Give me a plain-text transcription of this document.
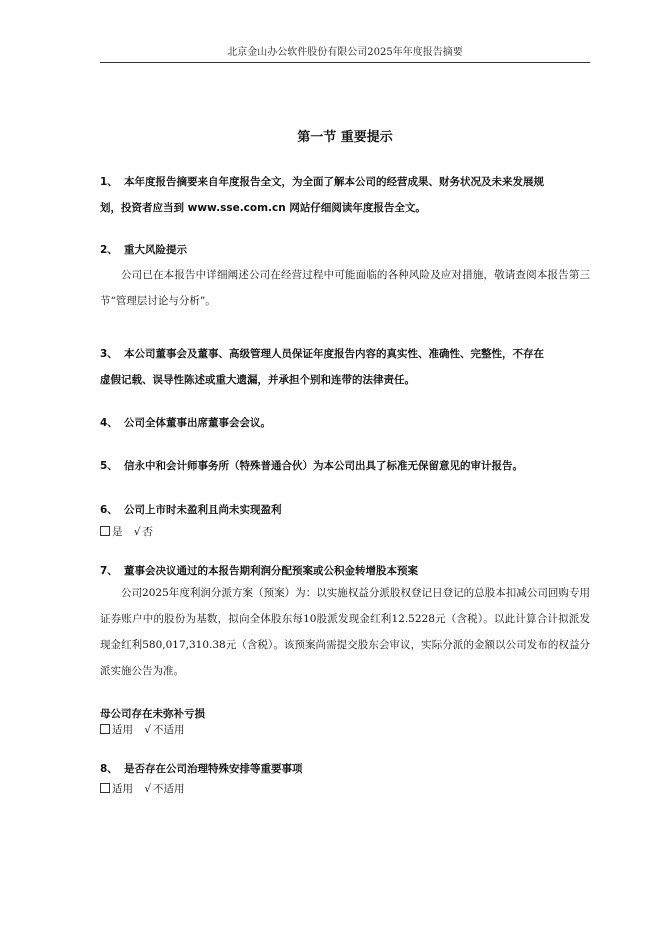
北京金山办公软件股份有限公司2025年年度报告摘要
第一节 重要提示
1、 本年度报告摘要来自年度报告全文，为全面了解本公司的经营成果、财务状况及未来发展规
划，投资者应当到 www.sse.com.cn 网站仔细阅读年度报告全文。
2、 重大风险提示
公司已在本报告中详细阐述公司在经营过程中可能面临的各种风险及应对措施，敬请查阅本报告第三节“管理层讨论与分析”。
3、 本公司董事会及董事、高级管理人员保证年度报告内容的真实性、准确性、完整性，不存在
虚假记载、误导性陈述或重大遗漏，并承担个别和连带的法律责任。
4、 公司全体董事出席董事会会议。
5、 信永中和会计师事务所（特殊普通合伙）为本公司出具了标准无保留意见的审计报告。
6、 公司上市时未盈利且尚未实现盈利
是 √ 否
7、 董事会决议通过的本报告期利润分配预案或公积金转增股本预案
公司2025年度利润分派方案（预案）为：以实施权益分派股权登记日登记的总股本扣减公司回购专用证券账户中的股份为基数，拟向全体股东每10股派发现金红利12.5228元（含税）。以此计算合计拟派发现金红利580,017,310.38元（含税）。该预案尚需提交股东会审议，实际分派的金额以公司发布的权益分派实施公告为准。
母公司存在未弥补亏损
适用 √ 不适用
8、 是否存在公司治理特殊安排等重要事项
适用 √ 不适用
